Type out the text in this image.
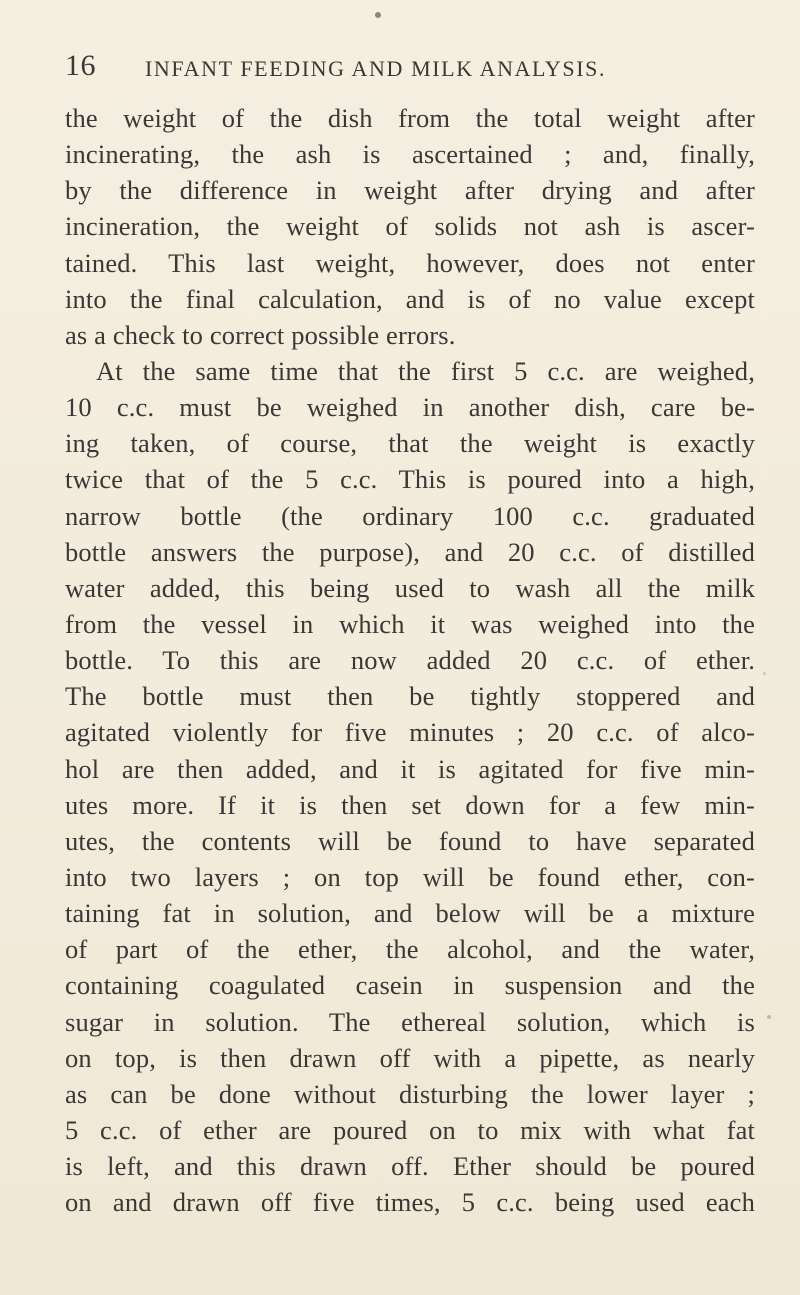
16 INFANT FEEDING AND MILK ANALYSIS.
the weight of the dish from the total weight after
incinerating, the ash is ascertained ; and, finally,
by the difference in weight after drying and after
incineration, the weight of solids not ash is ascer-
tained. This last weight, however, does not enter
into the final calculation, and is of no value except
as a check to correct possible errors.
At the same time that the first 5 c.c. are weighed,
10 c.c. must be weighed in another dish, care be-
ing taken, of course, that the weight is exactly
twice that of the 5 c.c. This is poured into a high,
narrow bottle (the ordinary 100 c.c. graduated
bottle answers the purpose), and 20 c.c. of distilled
water added, this being used to wash all the milk
from the vessel in which it was weighed into the
bottle. To this are now added 20 c.c. of ether.
The bottle must then be tightly stoppered and
agitated violently for five minutes ; 20 c.c. of alco-
hol are then added, and it is agitated for five min-
utes more. If it is then set down for a few min-
utes, the contents will be found to have separated
into two layers ; on top will be found ether, con-
taining fat in solution, and below will be a mixture
of part of the ether, the alcohol, and the water,
containing coagulated casein in suspension and the
sugar in solution. The ethereal solution, which is
on top, is then drawn off with a pipette, as nearly
as can be done without disturbing the lower layer ;
5 c.c. of ether are poured on to mix with what fat
is left, and this drawn off. Ether should be poured
on and drawn off five times, 5 c.c. being used each
